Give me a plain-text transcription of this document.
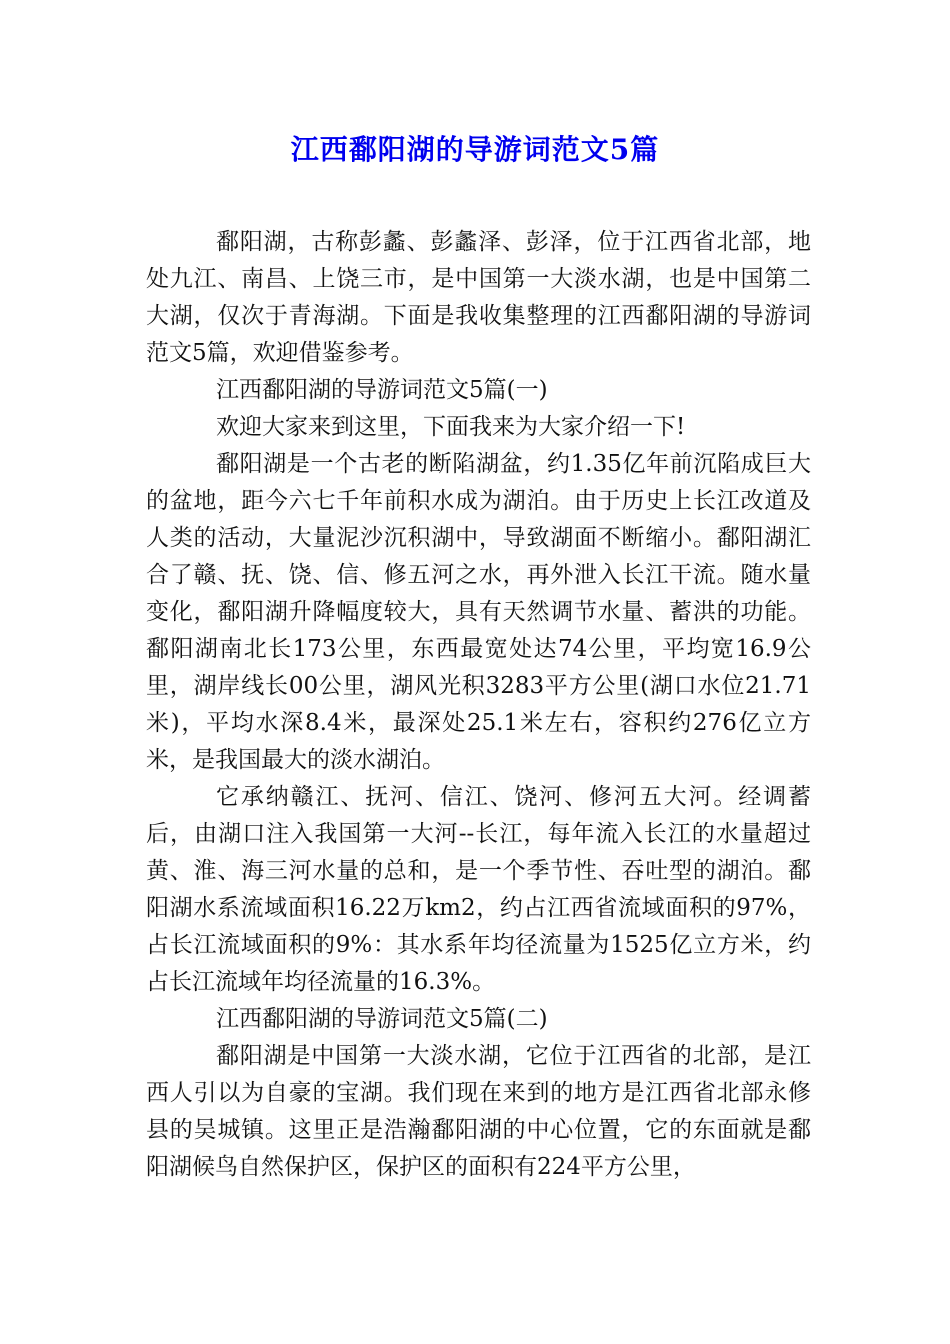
江西鄱阳湖的导游词范文5篇

鄱阳湖，古称彭蠡、彭蠡泽、彭泽，位于江西省北部，地处九江、南昌、上饶三市，是中国第一大淡水湖，也是中国第二大湖，仅次于青海湖。下面是我收集整理的江西鄱阳湖的导游词范文5篇，欢迎借鉴参考。

江西鄱阳湖的导游词范文5篇(一)

欢迎大家来到这里，下面我来为大家介绍一下!

鄱阳湖是一个古老的断陷湖盆，约1.35亿年前沉陷成巨大的盆地，距今六七千年前积水成为湖泊。由于历史上长江改道及人类的活动，大量泥沙沉积湖中，导致湖面不断缩小。鄱阳湖汇合了赣、抚、饶、信、修五河之水，再外泄入长江干流。随水量变化，鄱阳湖升降幅度较大，具有天然调节水量、蓄洪的功能。 鄱阳湖南北长173公里，东西最宽处达74公里，平均宽16.9公里，湖岸线长00公里，湖风光积3283平方公里(湖口水位21.71米)，平均水深8.4米，最深处25.1米左右，容积约276亿立方米，是我国最大的淡水湖泊。

它承纳赣江、抚河、信江、饶河、修河五大河。经调蓄后，由湖口注入我国第一大河--长江，每年流入长江的水量超过黄、淮、海三河水量的总和，是一个季节性、吞吐型的湖泊。鄱阳湖水系流域面积16.22万km2，约占江西省流域面积的97%，占长江流域面积的9%：其水系年均径流量为1525亿立方米，约占长江流域年均径流量的16.3%。

江西鄱阳湖的导游词范文5篇(二)

鄱阳湖是中国第一大淡水湖，它位于江西省的北部，是江西人引以为自豪的宝湖。我们现在来到的地方是江西省北部永修县的吴城镇。这里正是浩瀚鄱阳湖的中心位置，它的东面就是鄱阳湖候鸟自然保护区，保护区的面积有224平方公里，
